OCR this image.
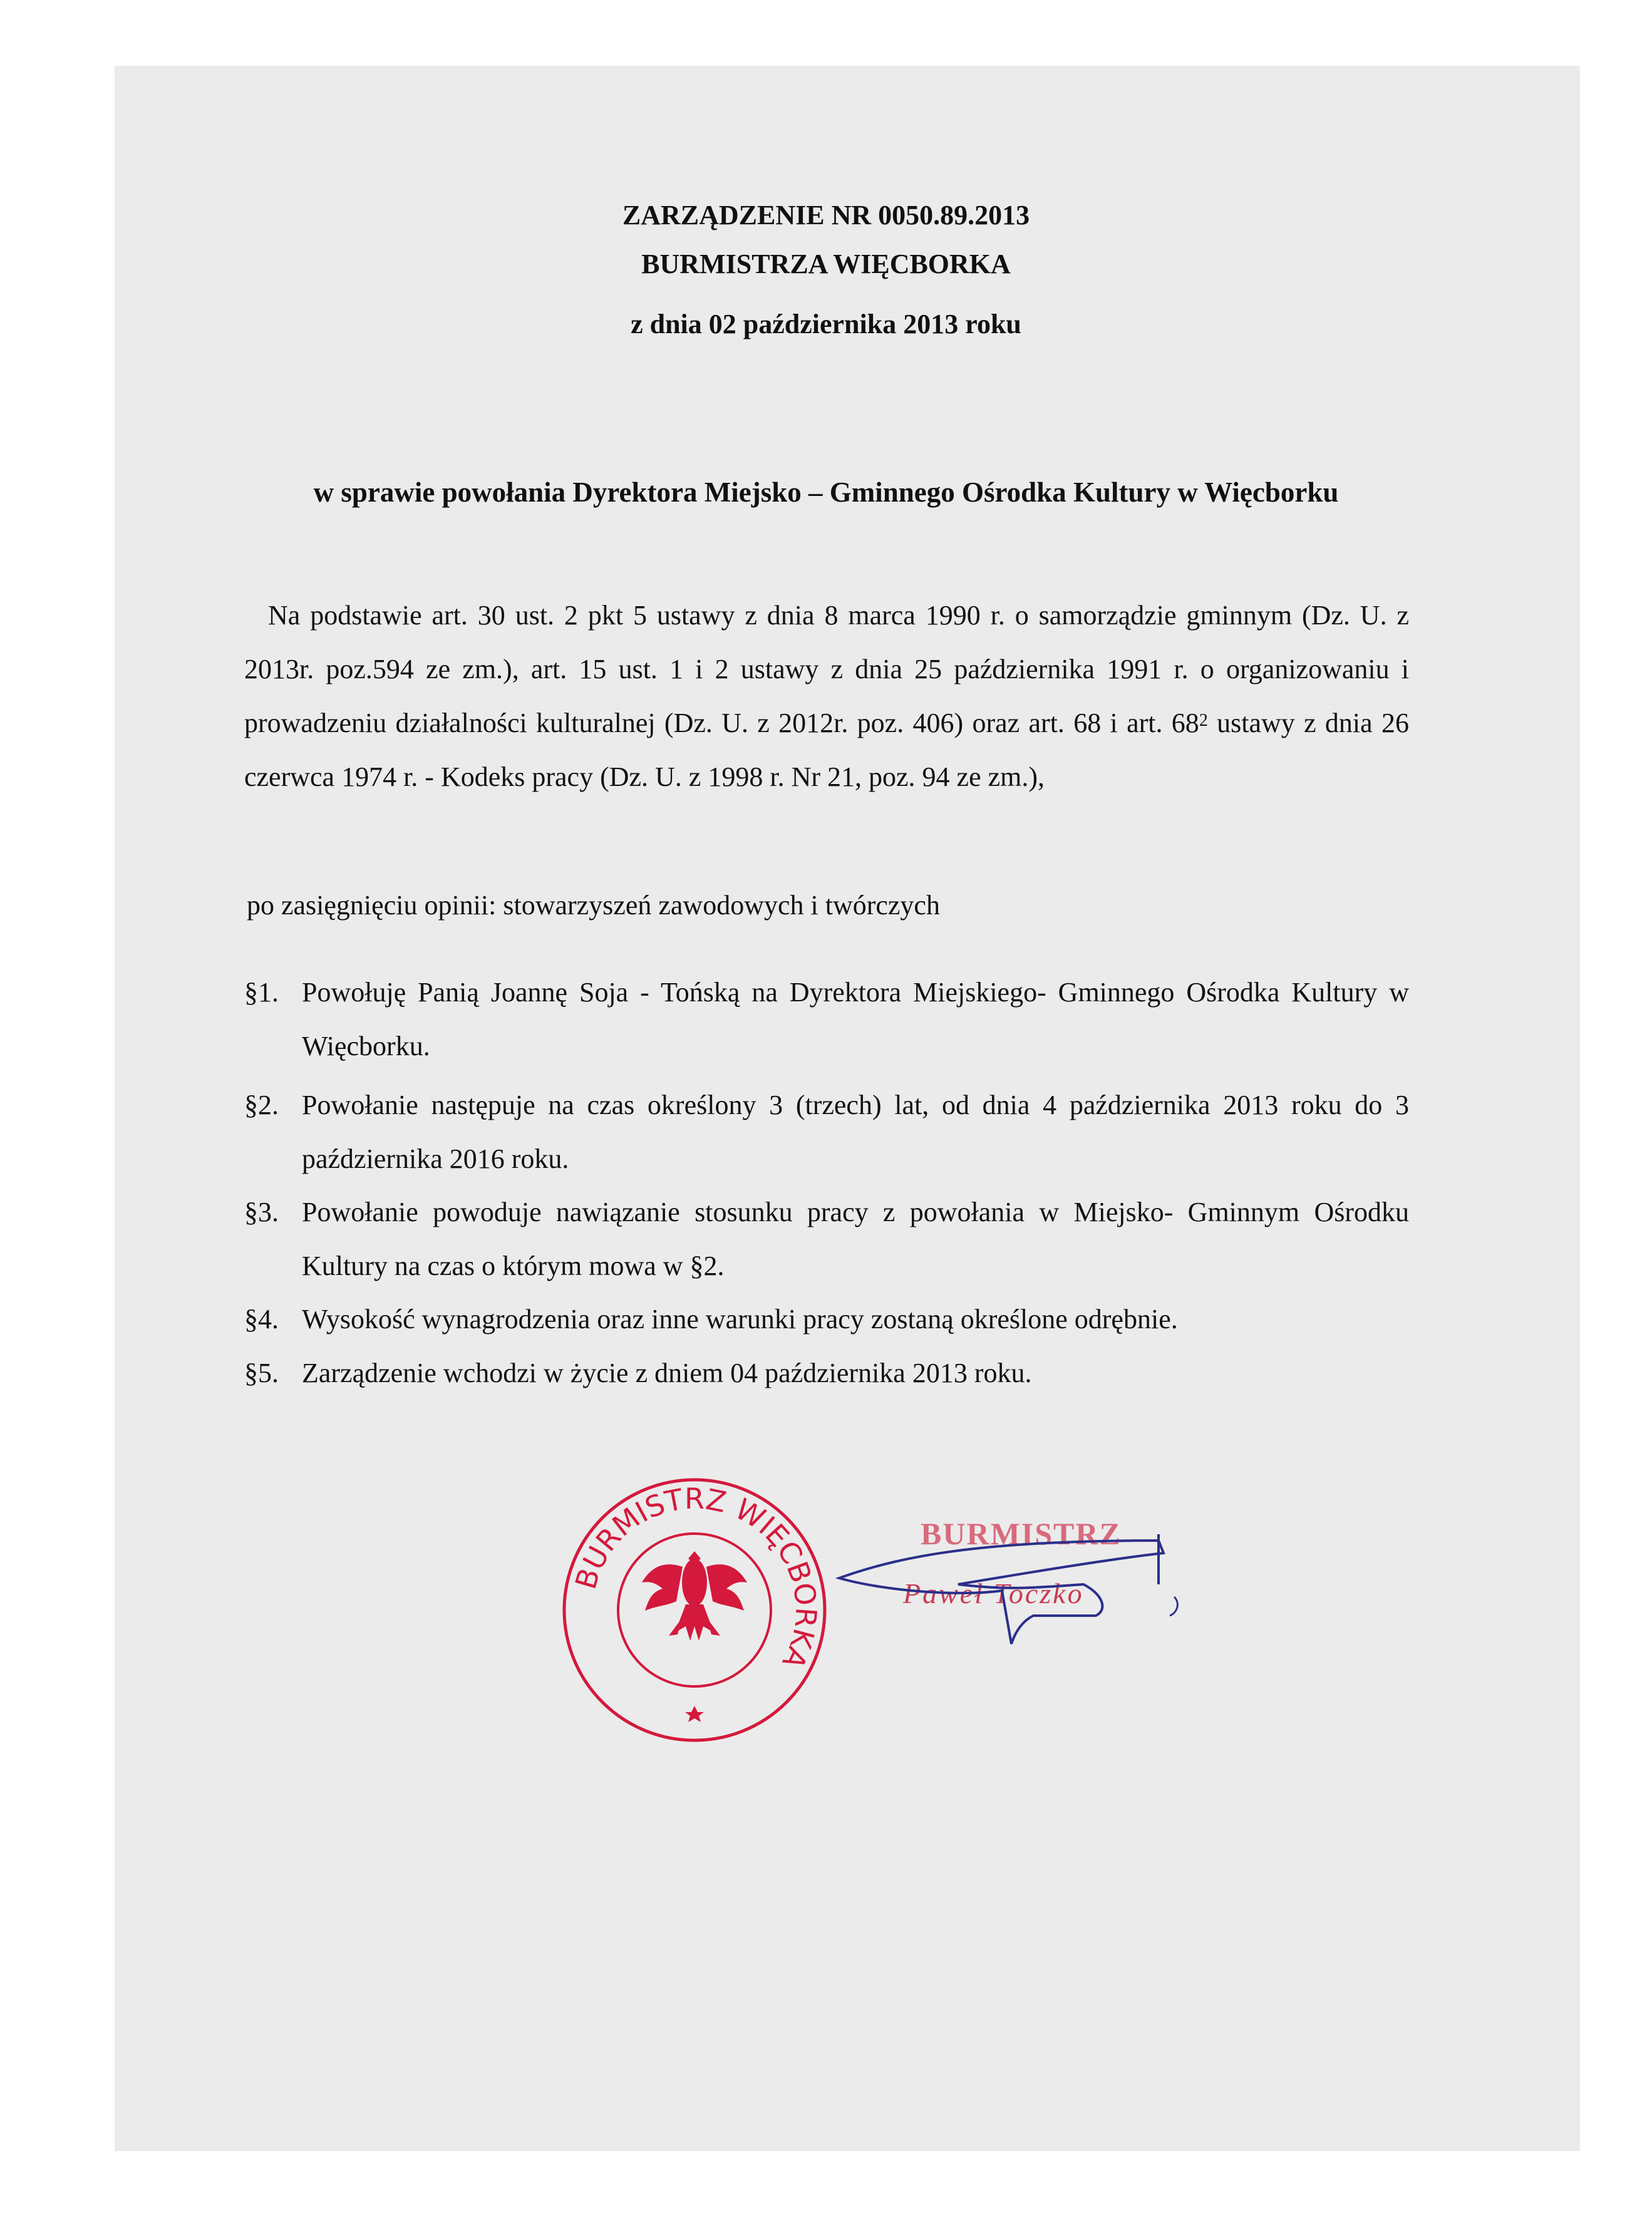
ZARZĄDZENIE NR 0050.89.2013
BURMISTRZA WIĘCBORKA
z dnia 02 października 2013 roku
w sprawie powołania Dyrektora Miejsko – Gminnego Ośrodka Kultury w Więcborku
Na podstawie art. 30 ust. 2 pkt 5 ustawy z dnia 8 marca 1990 r. o samorządzie gminnym (Dz. U. z 2013r. poz.594 ze zm.), art. 15 ust. 1 i 2 ustawy z dnia 25 października 1991 r. o organizowaniu i prowadzeniu działalności kulturalnej (Dz. U. z 2012r. poz. 406) oraz art. 68 i art. $68^2$ ustawy z dnia 26 czerwca 1974 r. - Kodeks pracy (Dz. U. z 1998 r. Nr 21, poz. 94 ze zm.),
po zasięgnięciu opinii: stowarzyszeń zawodowych i twórczych
§1. Powołuję Panią Joannę Soja - Tońską na Dyrektora Miejskiego- Gminnego Ośrodka Kultury w Więcborku.
§2. Powołanie następuje na czas określony 3 (trzech) lat, od dnia 4 października 2013 roku do 3 października 2016 roku.
§3. Powołanie powoduje nawiązanie stosunku pracy z powołania w Miejsko- Gminnym Ośrodku Kultury na czas o którym mowa w §2.
§4. Wysokość wynagrodzenia oraz inne warunki pracy zostaną określone odrębnie.
§5. Zarządzenie wchodzi w życie z dniem 04 października 2013 roku.
BURMISTRZ WIĘCBORKA
BURMISTRZ
Paweł Toczko
